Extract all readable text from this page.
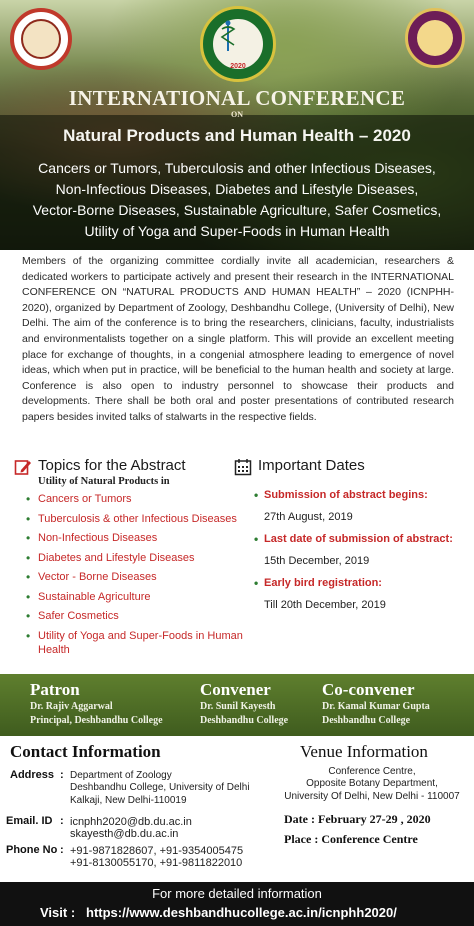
2020
INTERNATIONAL CONFERENCE
ON
Natural Products and Human Health – 2020
Cancers or Tumors, Tuberculosis and other Infectious Diseases,
Non-Infectious Diseases, Diabetes and Lifestyle Diseases,
Vector-Borne Diseases, Sustainable Agriculture, Safer Cosmetics,
Utility of Yoga and Super-Foods in Human Health

Members of the organizing committee cordially invite all academician, researchers & dedicated workers to participate actively and present their research in the INTERNATIONAL CONFERENCE ON “NATURAL PRODUCTS AND HUMAN HEALTH” – 2020 (ICNPHH-2020), organized by Department of Zoology, Deshbandhu College, (University of Delhi), New Delhi. The aim of the conference is to bring the researchers, clinicians, faculty, industrialists and environmentalists together on a single platform. This will provide an excellent meeting place for exchange of thoughts, in a congenial atmosphere leading to emergence of novel ideas, which when put in practice, will be beneficial to the human health and society at large. Conference is also open to industry personnel to showcase their products and developments. There shall be both oral and poster presentations of contributed research papers besides invited talks of stalwarts in the respective fields.

Topics for the Abstract
Utility of Natural Products in
• Cancers or Tumors
• Tuberculosis & other Infectious Diseases
• Non-Infectious Diseases
• Diabetes and Lifestyle Diseases
• Vector - Borne Diseases
• Sustainable Agriculture
• Safer Cosmetics
• Utility of Yoga and Super-Foods in Human Health
Important Dates
• Submission of abstract begins:
27th August, 2019
• Last date of submission of abstract:
15th December, 2019
• Early bird registration:
Till 20th December, 2019
Patron
Dr. Rajiv Aggarwal
Principal, Deshbandhu College
Convener
Dr. Sunil Kayesth
Deshbandhu College
Co-convener
Dr. Kamal Kumar Gupta
Deshbandhu College
Contact Information
Address : Department of Zoology
Deshbandhu College, University of Delhi
Kalkaji, New Delhi-110019
Email. ID : icnphh2020@db.du.ac.in
skayesth@db.du.ac.in
Phone No : +91-9871828607, +91-9354005475
+91-8130055170, +91-9811822010
Venue Information
Conference Centre,
Opposite Botany Department,
University Of Delhi, New Delhi - 110007
Date : February 27-29 , 2020
Place : Conference Centre
For more detailed information
Visit : https://www.deshbandhucollege.ac.in/icnphh2020/
